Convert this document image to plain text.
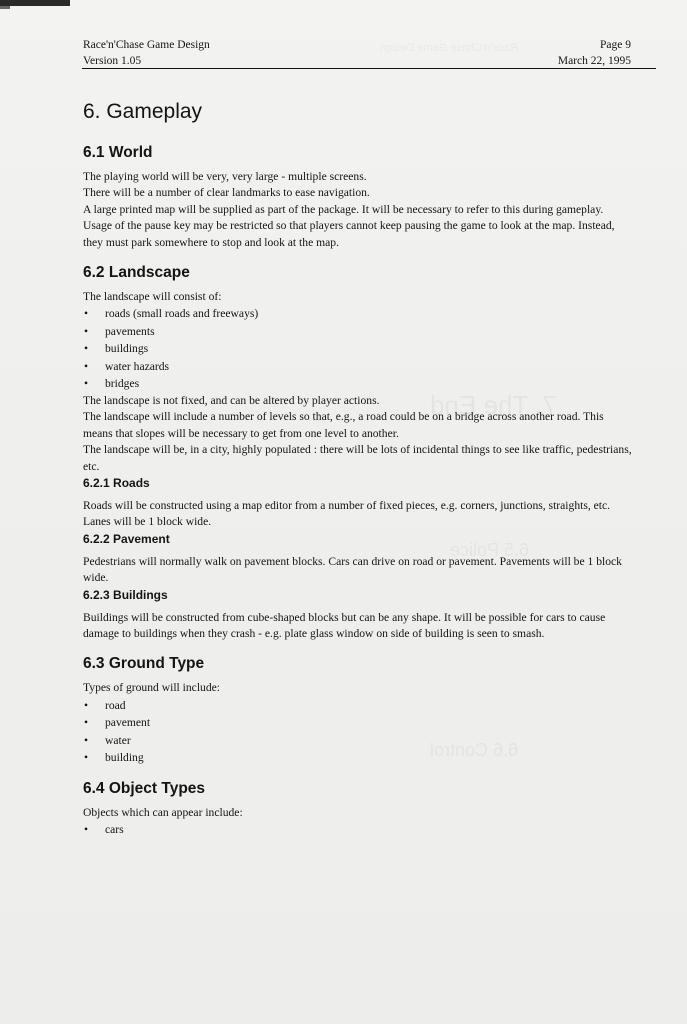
Race'n'Chase Game Design
Version 1.05
Page 9
March 22, 1995
6. Gameplay
6.1 World

The playing world will be very, very large - multiple screens.

There will be a number of clear landmarks to ease navigation.

A large printed map will be supplied as part of the package. It will be necessary to refer to this during gameplay.

Usage of the pause key may be restricted so that players cannot keep pausing the game to look at the map. Instead, they must park somewhere to stop and look at the map.

6.2 Landscape

The landscape will consist of:

• roads (small roads and freeways)
• pavements
• buildings
• water hazards
• bridges

The landscape is not fixed, and can be altered by player actions.

The landscape will include a number of levels so that, e.g., a road could be on a bridge across another road. This means that slopes will be necessary to get from one level to another.

The landscape will be, in a city, highly populated : there will be lots of incidental things to see like traffic, pedestrians, etc.

6.2.1 Roads

Roads will be constructed using a map editor from a number of fixed pieces, e.g. corners, junctions, straights, etc. Lanes will be 1 block wide.

6.2.2 Pavement

Pedestrians will normally walk on pavement blocks. Cars can drive on road or pavement. Pavements will be 1 block wide.

6.2.3 Buildings

Buildings will be constructed from cube-shaped blocks but can be any shape. It will be possible for cars to cause damage to buildings when they crash - e.g. plate glass window on side of building is seen to smash.

6.3 Ground Type

Types of ground will include:

• road
• pavement
• water
• building
6.4 Object Types

Objects which can appear include:

• cars
